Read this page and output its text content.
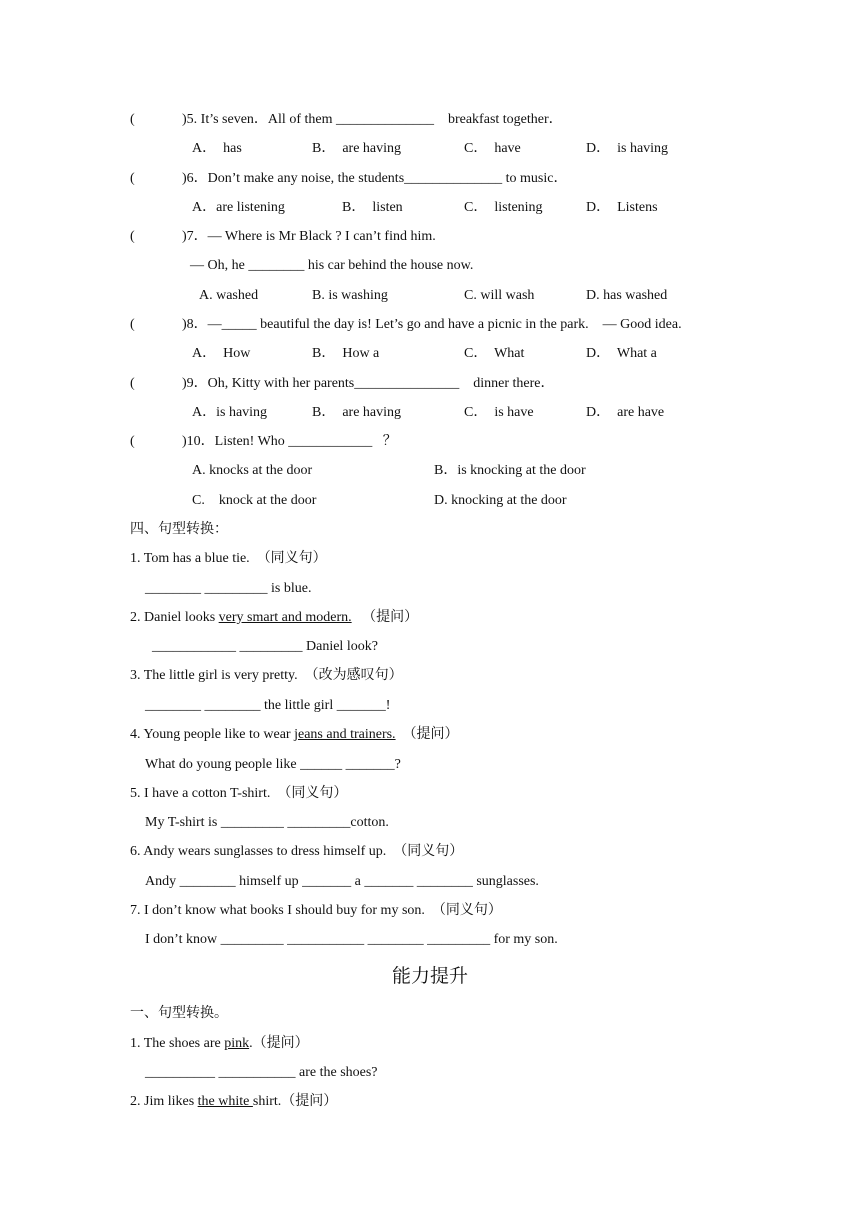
(	)5. It’s seven．All of them ______________    breakfast together．
A．  has	B．  are having	C．  have	D．  is having
(	)6．Don’t make any noise, the students______________ to music．
A．are listening	B．  listen	C．  listening	D．  Listens
(	)7．— Where is Mr Black ? I can’t find him.
— Oh, he ________ his car behind the house now.
A. washed	B. is washing	C. will wash	D. has washed
(	)8．—_____ beautiful the day is! Let’s go and have a picnic in the park.    — Good idea.
A．  How	B．  How a	C．  What	D．  What a
(	)9．Oh, Kitty with her parents_______________    dinner there．
A．is having	B．  are having	C．  is have	D．  are have
(	)10．Listen! Who ____________   ？
A. knocks at the door	B．is knocking at the door
C.    knock at the door	D. knocking at the door
四、句型转换：
1. Tom has a blue tie.  （同义句）
________ _________ is blue.
2. Daniel looks very smart and modern. （提问）
____________ _________ Daniel look?
3. The little girl is very pretty.  （改为感叹句）
________ ________ the little girl _______!
4. Young people like to wear jeans and trainers. （提问）
What do young people like ______ _______?
5. I have a cotton T-shirt.  （同义句）
My T-shirt is _________ _________cotton.
6. Andy wears sunglasses to dress himself up.  （同义句）
Andy ________ himself up _______ a _______ ________ sunglasses.
7. I don’t know what books I should buy for my son.  （同义句）
I don’t know _________ ___________ ________ _________ for my son.
能力提升
一、句型转换。
1. The shoes are pink.（提问）
__________ ___________ are the shoes?
2. Jim likes the white shirt.（提问）
